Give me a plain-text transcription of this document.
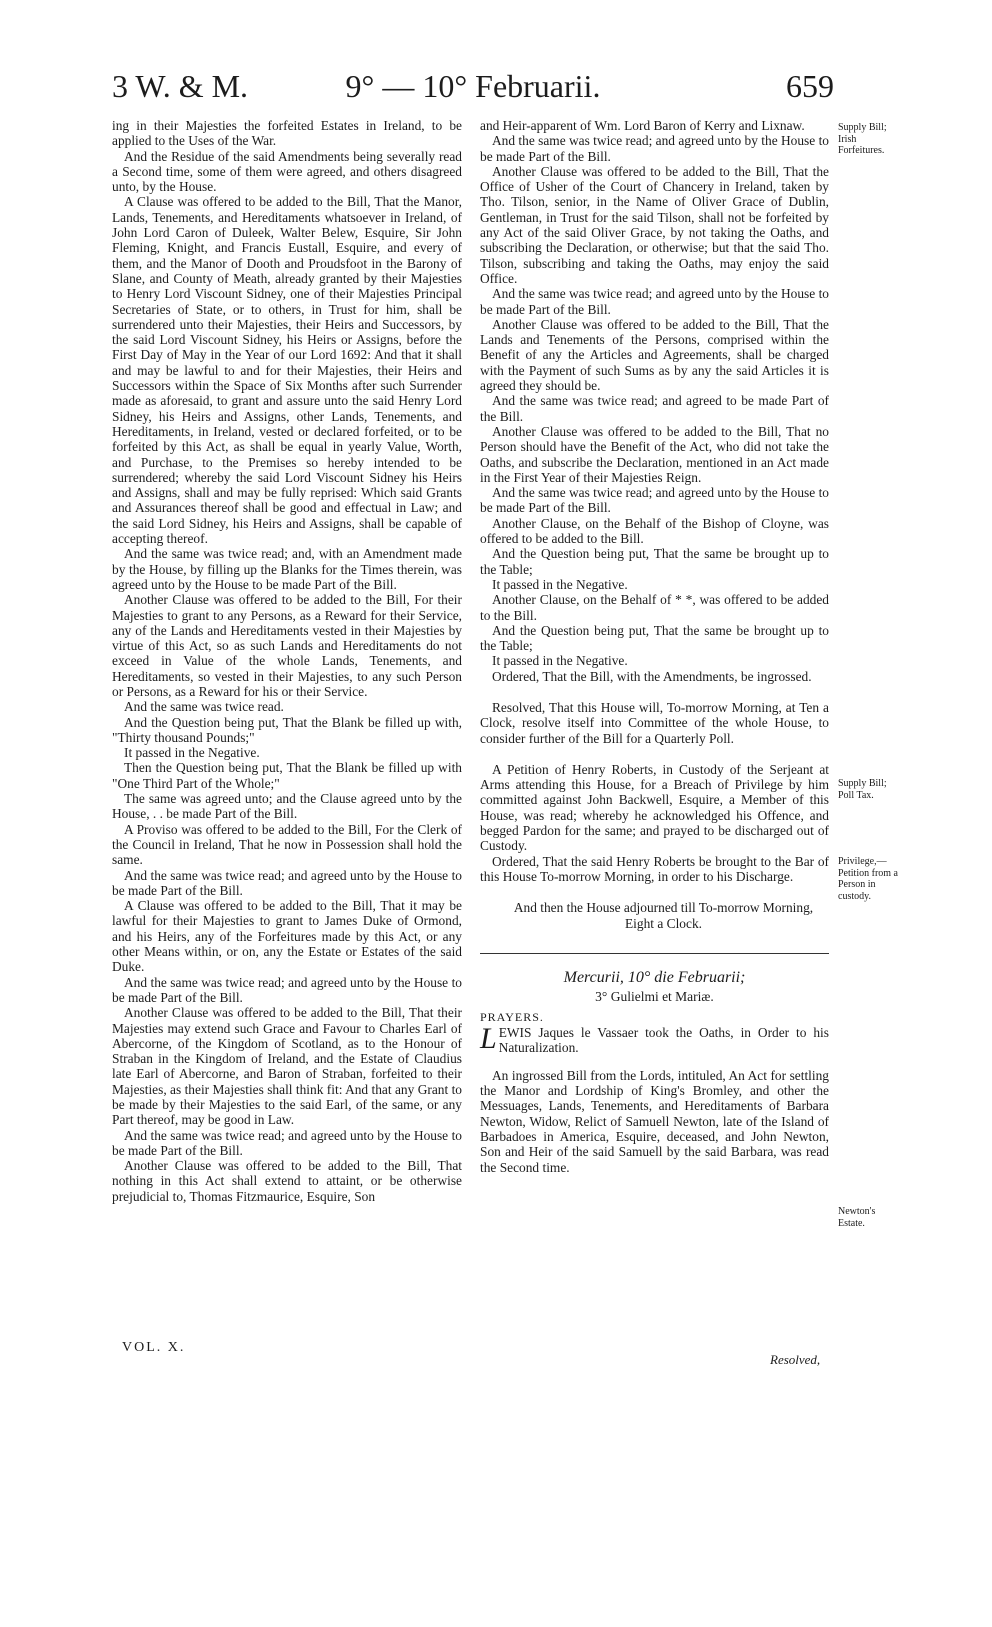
3 W. & M.	9° — 10° Februarii.	659

ing in their Majesties the forfeited Estates in Ireland, to be applied to the Uses of the War.

And the Residue of the said Amendments being severally read a Second time, some of them were agreed, and others disagreed unto, by the House.

A Clause was offered to be added to the Bill, That the Manor, Lands, Tenements, and Hereditaments whatsoever in Ireland, of John Lord Caron of Duleek, Walter Belew, Esquire, Sir John Fleming, Knight, and Francis Eustall, Esquire, and every of them, and the Manor of Dooth and Proudsfoot in the Barony of Slane, and County of Meath, already granted by their Majesties to Henry Lord Viscount Sidney, one of their Majesties Principal Secretaries of State, or to others, in Trust for him, shall be surrendered unto their Majesties, their Heirs and Successors, by the said Lord Viscount Sidney, his Heirs or Assigns, before the First Day of May in the Year of our Lord 1692: And that it shall and may be lawful to and for their Majesties, their Heirs and Successors within the Space of Six Months after such Surrender made as aforesaid, to grant and assure unto the said Henry Lord Sidney, his Heirs and Assigns, other Lands, Tenements, and Hereditaments, in Ireland, vested or declared forfeited, or to be forfeited by this Act, as shall be equal in yearly Value, Worth, and Purchase, to the Premises so hereby intended to be surrendered; whereby the said Lord Viscount Sidney his Heirs and Assigns, shall and may be fully reprised: Which said Grants and Assurances thereof shall be good and effectual in Law; and the said Lord Sidney, his Heirs and Assigns, shall be capable of accepting thereof.

And the same was twice read; and, with an Amendment made by the House, by filling up the Blanks for the Times therein, was agreed unto by the House to be made Part of the Bill.

Another Clause was offered to be added to the Bill, For their Majesties to grant to any Persons, as a Reward for their Service, any of the Lands and Hereditaments vested in their Majesties by virtue of this Act, so as such Lands and Hereditaments do not exceed in Value of the whole Lands, Tenements, and Hereditaments, so vested in their Majesties, to any such Person or Persons, as a Reward for his or their Service.

And the same was twice read.

And the Question being put, That the Blank be filled up with, "Thirty thousand Pounds;"

It passed in the Negative.

Then the Question being put, That the Blank be filled up with "One Third Part of the Whole;"

The same was agreed unto; and the Clause agreed unto by the House, . . be made Part of the Bill.

A Proviso was offered to be added to the Bill, For the Clerk of the Council in Ireland, That he now in Possession shall hold the same.

And the same was twice read; and agreed unto by the House to be made Part of the Bill.

A Clause was offered to be added to the Bill, That it may be lawful for their Majesties to grant to James Duke of Ormond, and his Heirs, any of the Forfeitures made by this Act, or any other Means within, or on, any the Estate or Estates of the said Duke.

And the same was twice read; and agreed unto by the House to be made Part of the Bill.

Another Clause was offered to be added to the Bill, That their Majesties may extend such Grace and Favour to Charles Earl of Abercorne, of the Kingdom of Scotland, as to the Honour of Straban in the Kingdom of Ireland, and the Estate of Claudius late Earl of Abercorne, and Baron of Straban, forfeited to their Majesties, as their Majesties shall think fit: And that any Grant to be made by their Majesties to the said Earl, of the same, or any Part thereof, may be good in Law.

And the same was twice read; and agreed unto by the House to be made Part of the Bill.

Another Clause was offered to be added to the Bill, That nothing in this Act shall extend to attaint, or be otherwise prejudicial to, Thomas Fitzmaurice, Esquire, Son

and Heir-apparent of Wm. Lord Baron of Kerry and Lixnaw.

And the same was twice read; and agreed unto by the House to be made Part of the Bill.

Another Clause was offered to be added to the Bill, That the Office of Usher of the Court of Chancery in Ireland, taken by Tho. Tilson, senior, in the Name of Oliver Grace of Dublin, Gentleman, in Trust for the said Tilson, shall not be forfeited by any Act of the said Oliver Grace, by not taking the Oaths, and subscribing the Declaration, or otherwise; but that the said Tho. Tilson, subscribing and taking the Oaths, may enjoy the said Office.

And the same was twice read; and agreed unto by the House to be made Part of the Bill.

Another Clause was offered to be added to the Bill, That the Lands and Tenements of the Persons, comprised within the Benefit of any the Articles and Agreements, shall be charged with the Payment of such Sums as by any the said Articles it is agreed they should be.

And the same was twice read; and agreed to be made Part of the Bill.

Another Clause was offered to be added to the Bill, That no Person should have the Benefit of the Act, who did not take the Oaths, and subscribe the Declaration, mentioned in an Act made in the First Year of their Majesties Reign.

And the same was twice read; and agreed unto by the House to be made Part of the Bill.

Another Clause, on the Behalf of the Bishop of Cloyne, was offered to be added to the Bill.

And the Question being put, That the same be brought up to the Table;

It passed in the Negative.

Another Clause, on the Behalf of * *, was offered to be added to the Bill.

And the Question being put, That the same be brought up to the Table;

It passed in the Negative.

Ordered, That the Bill, with the Amendments, be ingrossed.

Resolved, That this House will, To-morrow Morning, at Ten a Clock, resolve itself into Committee of the whole House, to consider further of the Bill for a Quarterly Poll.

A Petition of Henry Roberts, in Custody of the Serjeant at Arms attending this House, for a Breach of Privilege by him committed against John Backwell, Esquire, a Member of this House, was read; whereby he acknowledged his Offence, and begged Pardon for the same; and prayed to be discharged out of Custody.

Ordered, That the said Henry Roberts be brought to the Bar of this House To-morrow Morning, in order to his Discharge.

And then the House adjourned till To-morrow Morning, Eight a Clock.

Mercurii, 10° die Februarii;
3° Gulielmi et Mariæ.

PRAYERS.

LEWIS Jaques le Vassaer took the Oaths, in Order to his Naturalization.

An ingrossed Bill from the Lords, intituled, An Act for settling the Manor and Lordship of King's Bromley, and other the Messuages, Lands, Tenements, and Hereditaments of Barbara Newton, Widow, Relict of Samuell Newton, late of the Island of Barbadoes in America, Esquire, deceased, and John Newton, Son and Heir of the said Samuell by the said Barbara, was read the Second time.

Supply Bill; Irish Forfeitures.
Supply Bill; Poll Tax.
Privilege,— Petition from a Person in custody.
Newton's Estate.
VOL. X.
Resolved,
